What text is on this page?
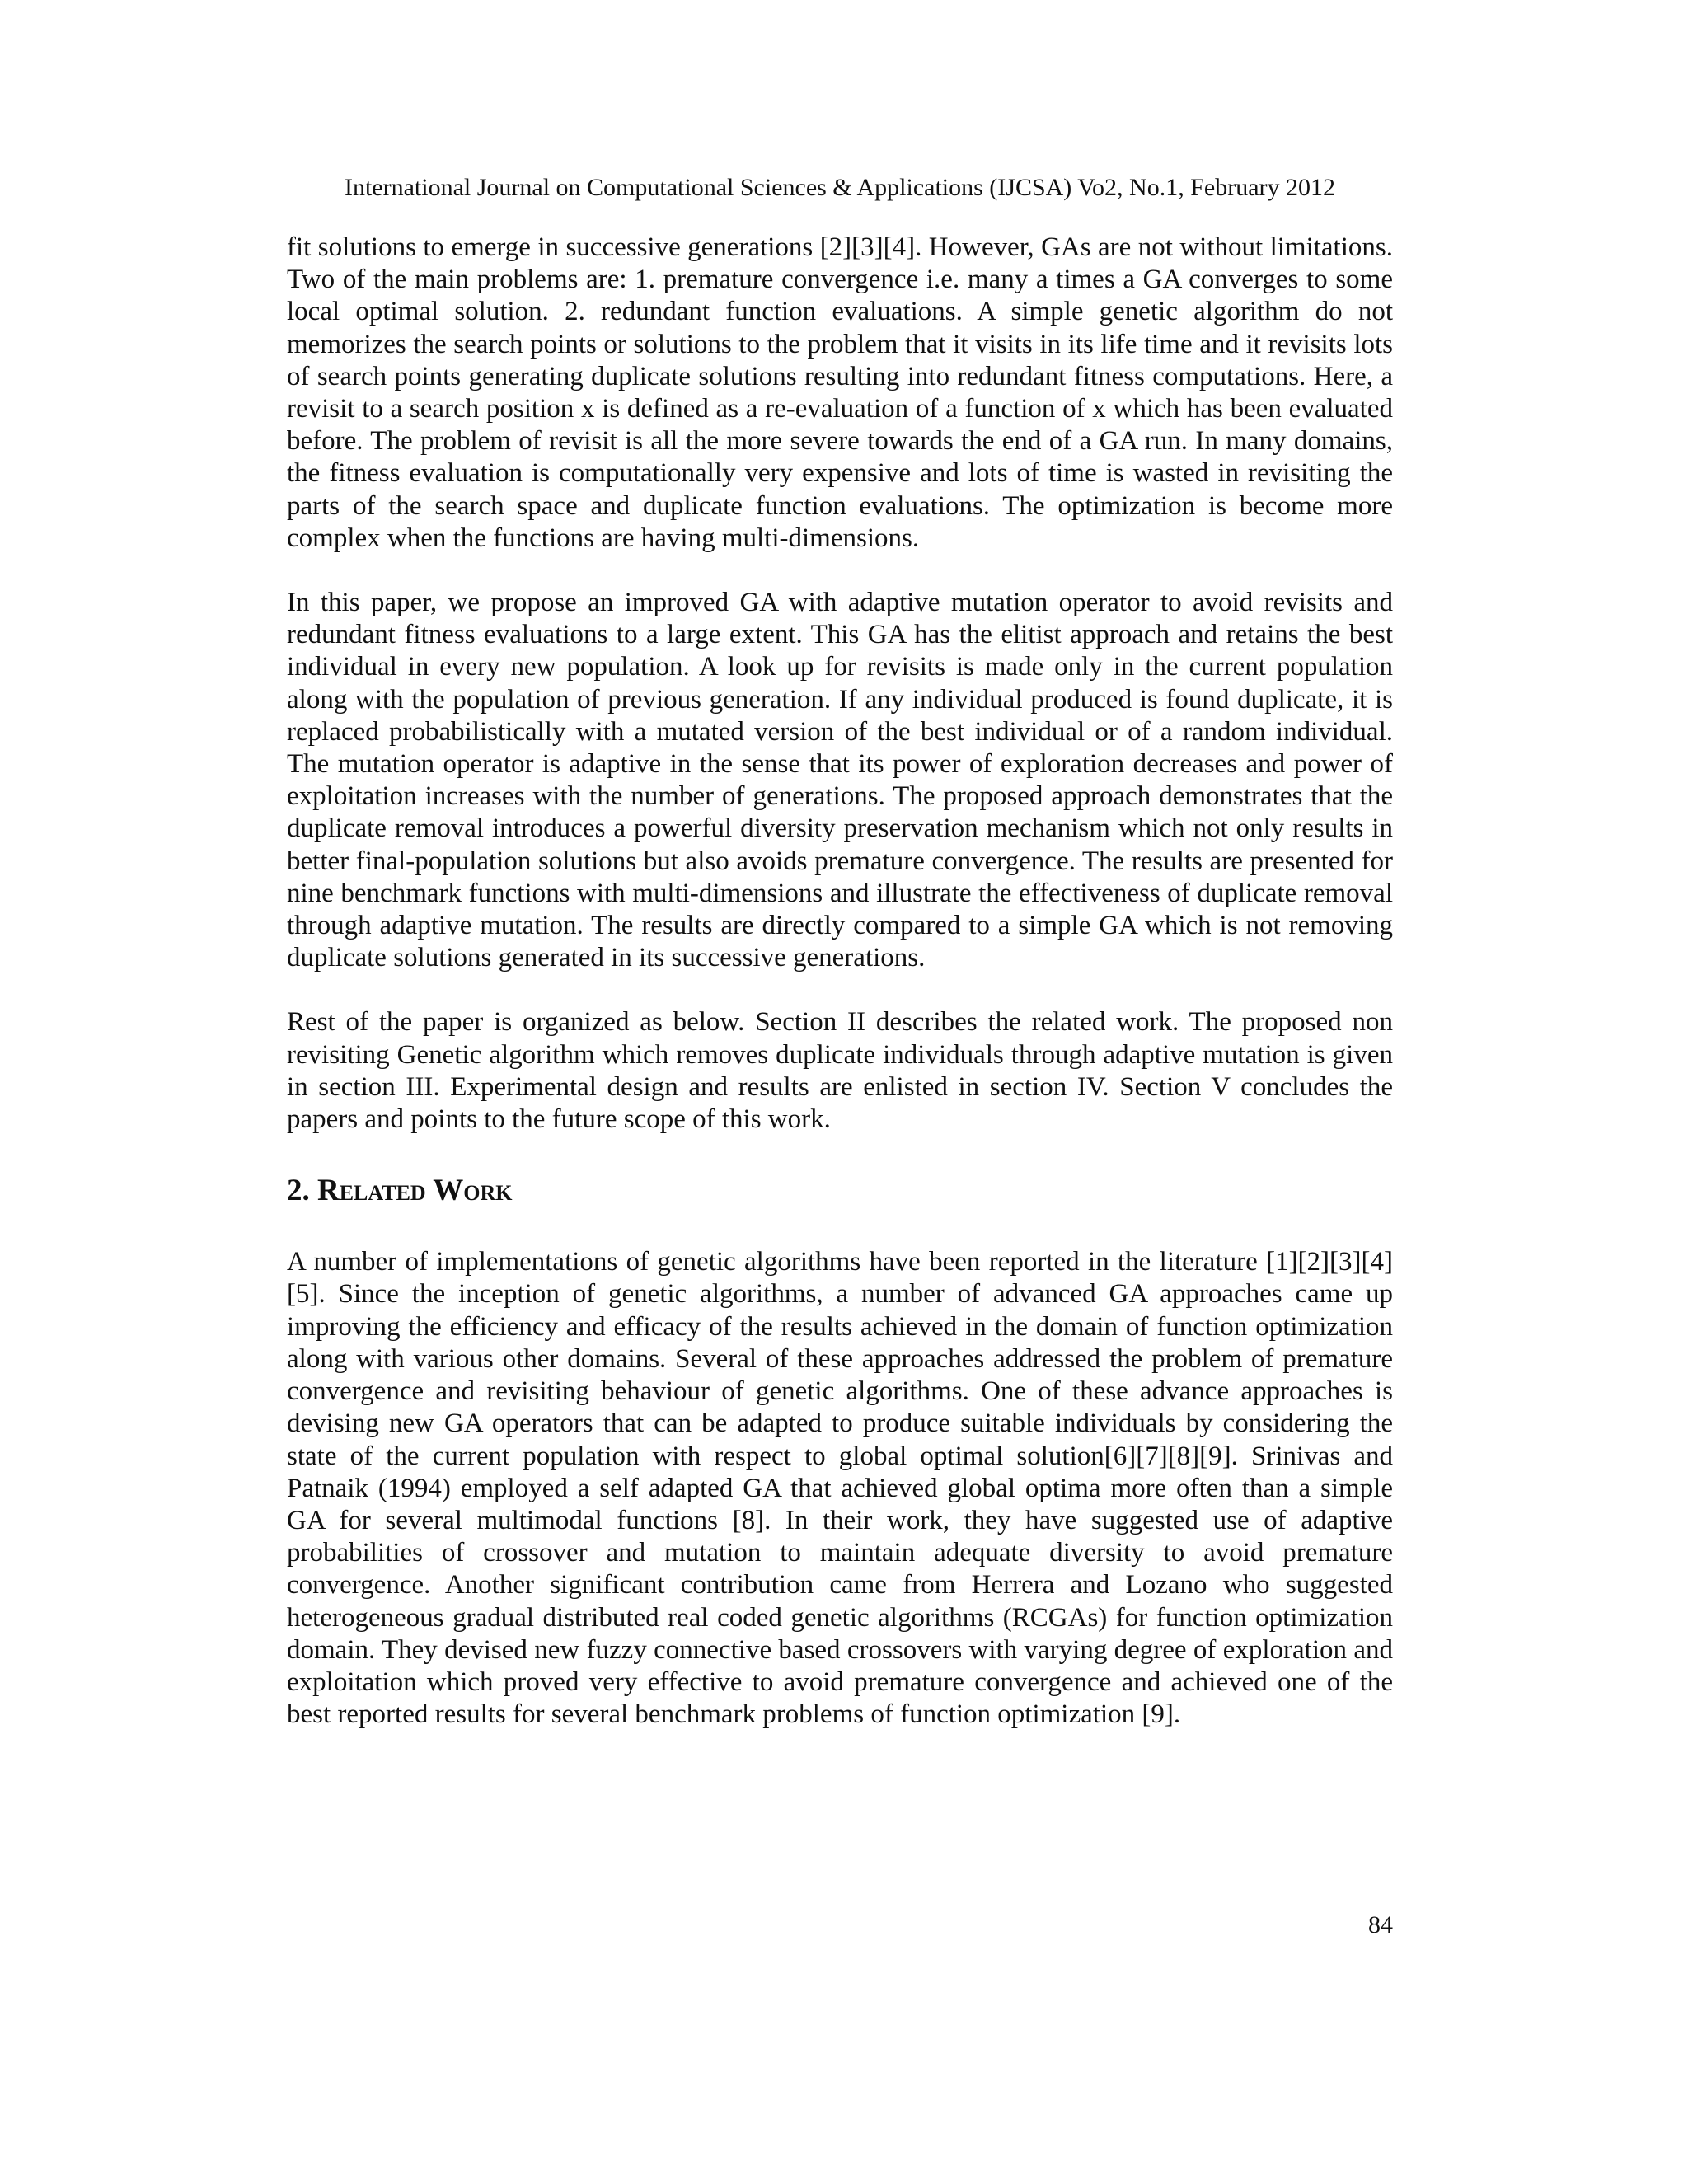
International Journal on Computational Sciences & Applications (IJCSA) Vo2, No.1, February 2012

fit solutions to emerge in successive generations [2][3][4]. However, GAs are not without limitations. Two of the main problems are: 1. premature convergence i.e. many a times a GA converges to some local optimal solution. 2. redundant function evaluations. A simple genetic algorithm do not memorizes the search points or solutions to the problem that it visits in its life time and it revisits lots of search points generating duplicate solutions resulting into redundant fitness computations. Here, a revisit to a search position x is defined as a re-evaluation of a function of x which has been evaluated before. The problem of revisit is all the more severe towards the end of a GA run. In many domains, the fitness evaluation is computationally very expensive and lots of time is wasted in revisiting the parts of the search space and duplicate function evaluations. The optimization is become more complex when the functions are having multi-dimensions.

In this paper, we propose an improved GA with adaptive mutation operator to avoid revisits and redundant fitness evaluations to a large extent. This GA has the elitist approach and retains the best individual in every new population. A look up for revisits is made only in the current population along with the population of previous generation. If any individual produced is found duplicate, it is replaced probabilistically with a mutated version of the best individual or of a random individual. The mutation operator is adaptive in the sense that its power of exploration decreases and power of exploitation increases with the number of generations. The proposed approach demonstrates that the duplicate removal introduces a powerful diversity preservation mechanism which not only results in better final-population solutions but also avoids premature convergence. The results are presented for nine benchmark functions with multi-dimensions and illustrate the effectiveness of duplicate removal through adaptive mutation. The results are directly compared to a simple GA which is not removing duplicate solutions generated in its successive generations.

Rest of the paper is organized as below. Section II describes the related work. The proposed non revisiting Genetic algorithm which removes duplicate individuals through adaptive mutation is given in section III. Experimental design and results are enlisted in section IV. Section V concludes the papers and points to the future scope of this work.

2. Related Work

A number of implementations of genetic algorithms have been reported in the literature [1][2][3][4][5]. Since the inception of genetic algorithms, a number of advanced GA approaches came up improving the efficiency and efficacy of the results achieved in the domain of function optimization along with various other domains. Several of these approaches addressed the problem of premature convergence and revisiting behaviour of genetic algorithms. One of these advance approaches is devising new GA operators that can be adapted to produce suitable individuals by considering the state of the current population with respect to global optimal solution[6][7][8][9]. Srinivas and Patnaik (1994) employed a self adapted GA that achieved global optima more often than a simple GA for several multimodal functions [8]. In their work, they have suggested use of adaptive probabilities of crossover and mutation to maintain adequate diversity to avoid premature convergence. Another significant contribution came from Herrera and Lozano who suggested heterogeneous gradual distributed real coded genetic algorithms (RCGAs) for function optimization domain. They devised new fuzzy connective based crossovers with varying degree of exploration and exploitation which proved very effective to avoid premature convergence and achieved one of the best reported results for several benchmark problems of function optimization [9].

84
